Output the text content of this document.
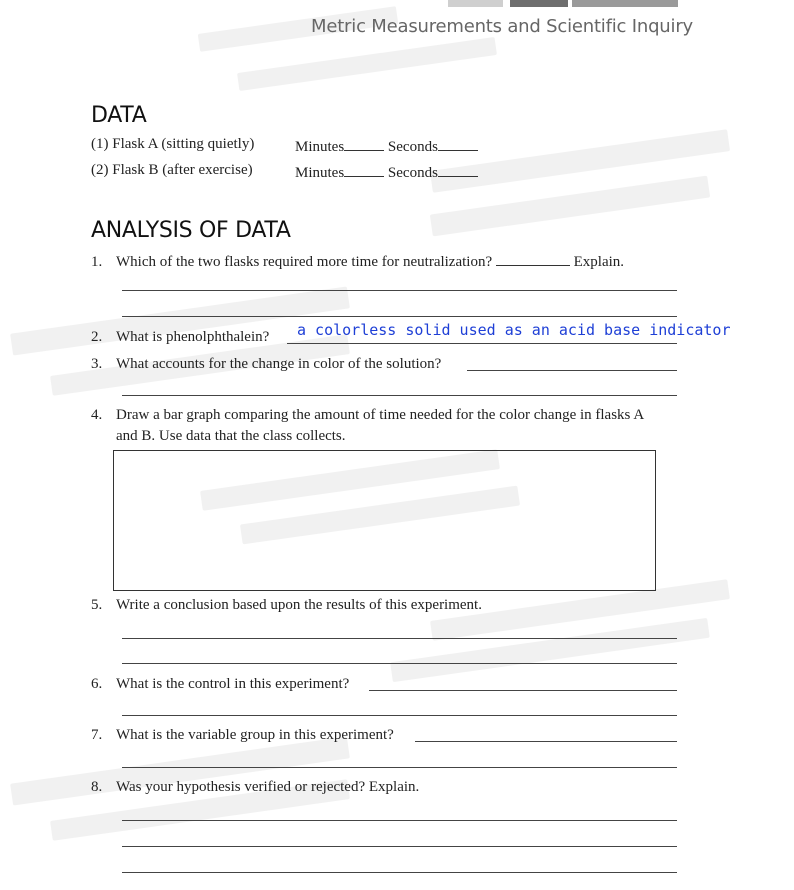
Metric Measurements and Scientific Inquiry
DATA
(1) Flask A (sitting quietly)	Minutes	Seconds
(2) Flask B (after exercise)	Minutes	Seconds
ANALYSIS OF DATA
1. Which of the two flasks required more time for neutralization?	Explain.
2. What is phenolphthalein? a colorless solid used as an acid base indicator
3. What accounts for the change in color of the solution?
4. Draw a bar graph comparing the amount of time needed for the color change in flasks A
and B. Use data that the class collects.
5. Write a conclusion based upon the results of this experiment.
6. What is the control in this experiment?
7. What is the variable group in this experiment?
8. Was your hypothesis verified or rejected? Explain.
